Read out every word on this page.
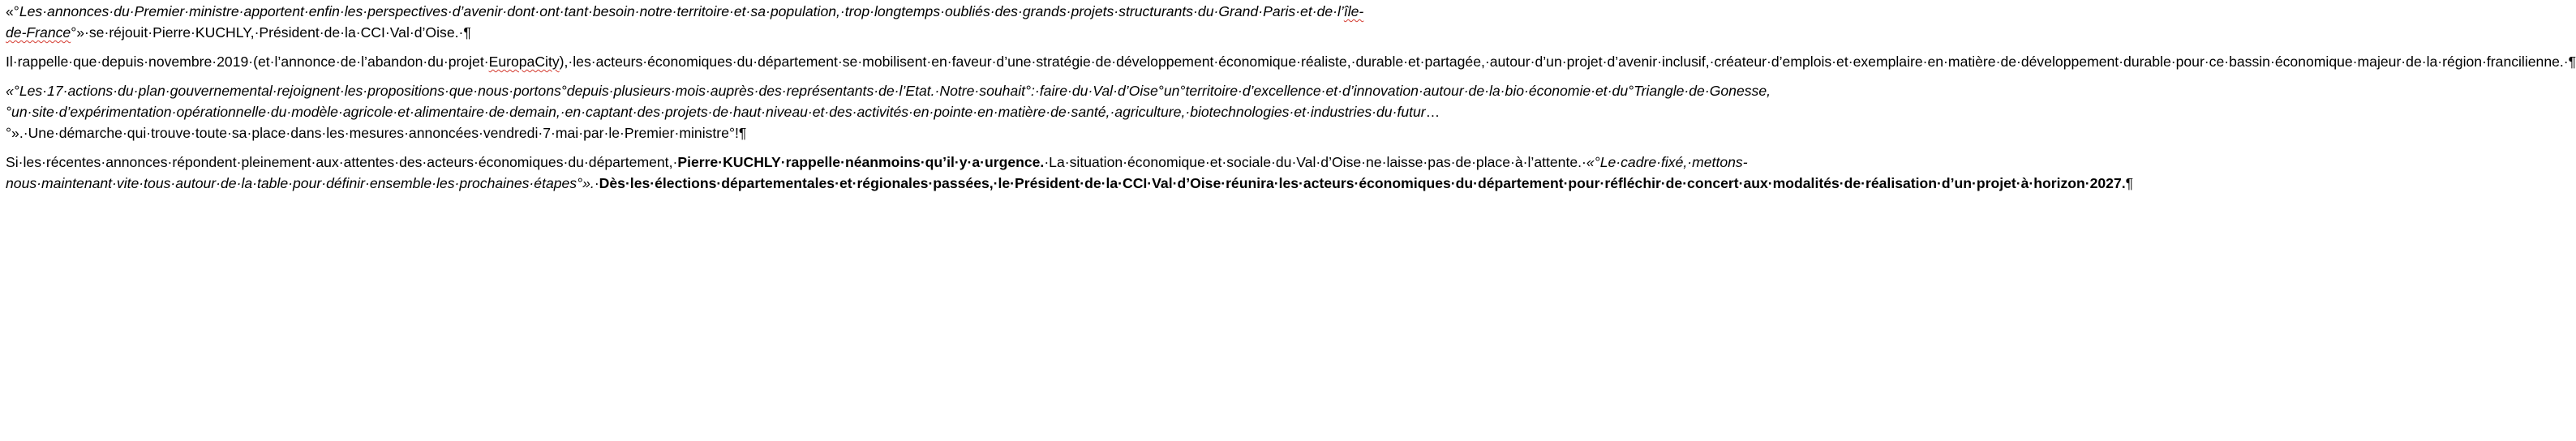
«°Les·annonces·du·Premier·ministre·apportent·enfin·les·perspectives·d’avenir·dont·ont·tant·besoin·notre·territoire·et·sa·population,·trop·longtemps·oubliés·des·grands·projets·structurants·du·Grand·Paris·et·de·l’île-de-France°»·se·réjouit·Pierre·KUCHLY,·Président·de·la·CCI·Val·d’Oise.·¶

Il·rappelle·que·depuis·novembre·2019·(et·l’annonce·de·l’abandon·du·projet·EuropaCity),·les·acteurs·économiques·du·département·se·mobilisent·en·faveur·d’une·stratégie·de·développement·économique·réaliste,·durable·et·partagée,·autour·d’un·projet·d’avenir·inclusif,·créateur·d’emplois·et·exemplaire·en·matière·de·développement·durable·pour·ce·bassin·économique·majeur·de·la·région·francilienne.·¶

«°Les·17·actions·du·plan·gouvernemental·rejoignent·les·propositions·que·nous·portons°depuis·plusieurs·mois·auprès·des·représentants·de·l’Etat.·Notre·souhait°:·faire·du·Val·d’Oise°un°territoire·d’excellence·et·d’innovation·autour·de·la·bio·économie·et·du°Triangle·de·Gonesse,°un·site·d’expérimentation·opérationnelle·du·modèle·agricole·et·alimentaire·de·demain,·en·captant·des·projets·de·haut·niveau·et·des·activités·en·pointe·en·matière·de·santé,·agriculture,·biotechnologies·et·industries·du·futur…°».·Une·démarche·qui·trouve·toute·sa·place·dans·les·mesures·annoncées·vendredi·7·mai·par·le·Premier·ministre°!¶

Si·les·récentes·annonces·répondent·pleinement·aux·attentes·des·acteurs·économiques·du·département,·Pierre·KUCHLY·rappelle·néanmoins·qu’il·y·a·urgence.·La·situation·économique·et·sociale·du·Val·d’Oise·ne·laisse·pas·de·place·à·l’attente.·«°Le·cadre·fixé,·mettons-nous·maintenant·vite·tous·autour·de·la·table·pour·définir·ensemble·les·prochaines·étapes°».·Dès·les·élections·départementales·et·régionales·passées,·le·Président·de·la·CCI·Val·d’Oise·réunira·les·acteurs·économiques·du·département·pour·réfléchir·de·concert·aux·modalités·de·réalisation·d’un·projet·à·horizon·2027.¶
